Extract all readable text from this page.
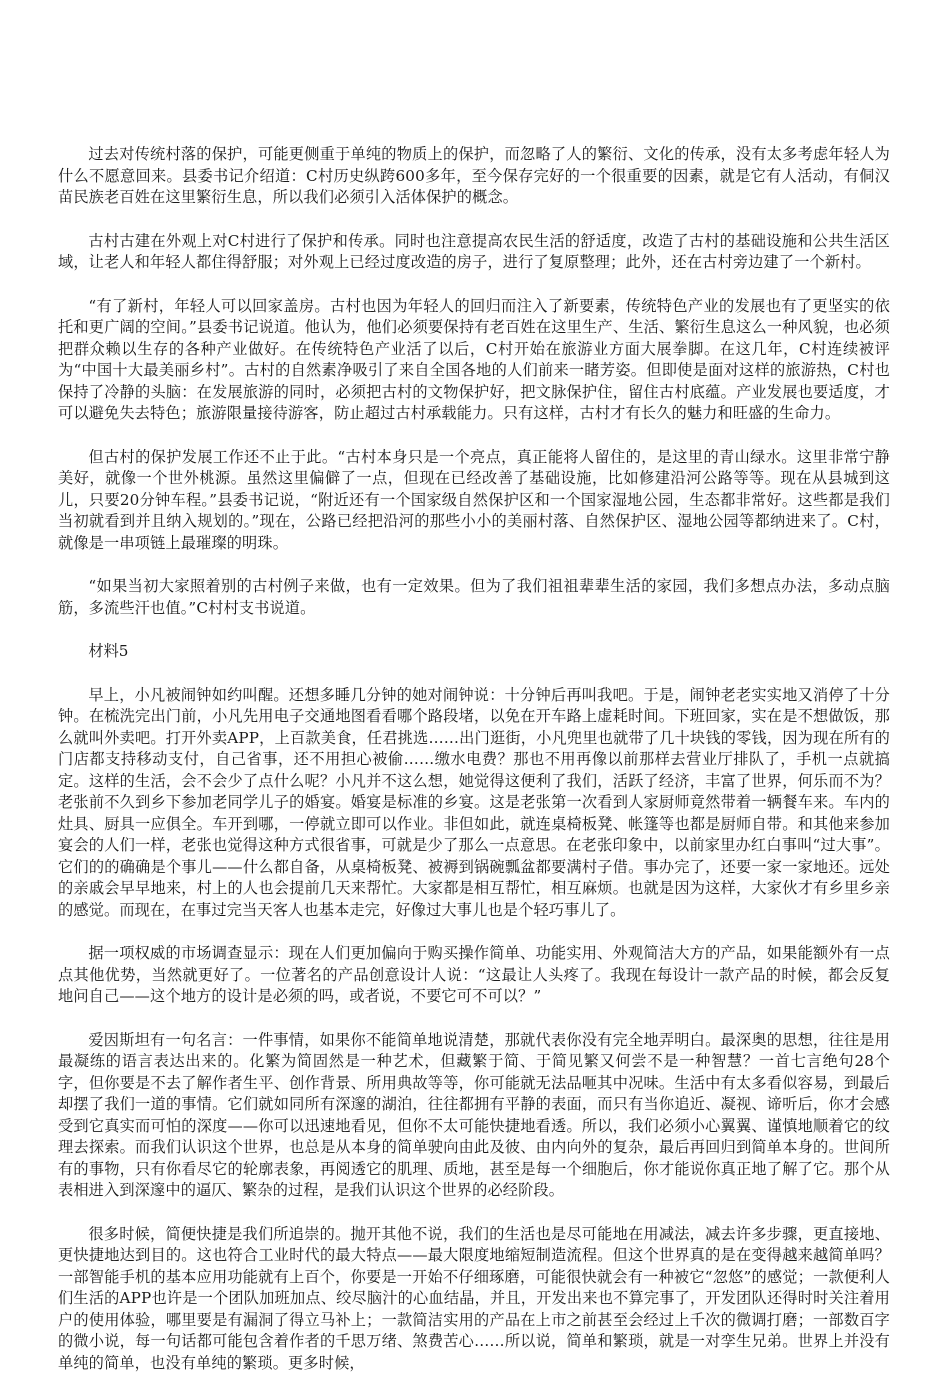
过去对传统村落的保护，可能更侧重于单纯的物质上的保护，而忽略了人的繁衍、文化的传承，没有太多考虑年轻人为什么不愿意回来。县委书记介绍道：C村历史纵跨600多年，至今保存完好的一个很重要的因素，就是它有人活动，有侗汉苗民族老百姓在这里繁衍生息，所以我们必须引入活体保护的概念。

古村古建在外观上对C村进行了保护和传承。同时也注意提高农民生活的舒适度，改造了古村的基础设施和公共生活区域，让老人和年轻人都住得舒服；对外观上已经过度改造的房子，进行了复原整理；此外，还在古村旁边建了一个新村。

“有了新村，年轻人可以回家盖房。古村也因为年轻人的回归而注入了新要素，传统特色产业的发展也有了更坚实的依托和更广阔的空间。”县委书记说道。他认为，他们必须要保持有老百姓在这里生产、生活、繁衍生息这么一种风貌，也必须把群众赖以生存的各种产业做好。在传统特色产业活了以后，C村开始在旅游业方面大展拳脚。在这几年，C村连续被评为“中国十大最美丽乡村”。古村的自然素净吸引了来自全国各地的人们前来一睹芳姿。但即使是面对这样的旅游热，C村也保持了冷静的头脑：在发展旅游的同时，必须把古村的文物保护好，把文脉保护住，留住古村底蕴。产业发展也要适度，才可以避免失去特色；旅游限量接待游客，防止超过古村承载能力。只有这样，古村才有长久的魅力和旺盛的生命力。

但古村的保护发展工作还不止于此。“古村本身只是一个亮点，真正能将人留住的，是这里的青山绿水。这里非常宁静美好，就像一个世外桃源。虽然这里偏僻了一点，但现在已经改善了基础设施，比如修建沿河公路等等。现在从县城到这儿，只要20分钟车程。”县委书记说，“附近还有一个国家级自然保护区和一个国家湿地公园，生态都非常好。这些都是我们当初就看到并且纳入规划的。”现在，公路已经把沿河的那些小小的美丽村落、自然保护区、湿地公园等都纳进来了。C村，就像是一串项链上最璀璨的明珠。

“如果当初大家照着别的古村例子来做，也有一定效果。但为了我们祖祖辈辈生活的家园，我们多想点办法，多动点脑筋，多流些汗也值。”C村村支书说道。

材料5

早上，小凡被闹钟如约叫醒。还想多睡几分钟的她对闹钟说：十分钟后再叫我吧。于是，闹钟老老实实地又消停了十分钟。在梳洗完出门前，小凡先用电子交通地图看看哪个路段堵，以免在开车路上虚耗时间。下班回家，实在是不想做饭，那么就叫外卖吧。打开外卖APP，上百款美食，任君挑选……出门逛街，小凡兜里也就带了几十块钱的零钱，因为现在所有的门店都支持移动支付，自己省事，还不用担心被偷……缴水电费？那也不用再像以前那样去营业厅排队了，手机一点就搞定。这样的生活，会不会少了点什么呢？小凡并不这么想，她觉得这便利了我们，活跃了经济，丰富了世界，何乐而不为？　　老张前不久到乡下参加老同学儿子的婚宴。婚宴是标准的乡宴。这是老张第一次看到人家厨师竟然带着一辆餐车来。车内的灶具、厨具一应俱全。车开到哪，一停就立即可以作业。非但如此，就连桌椅板凳、帐篷等也都是厨师自带。和其他来参加宴会的人们一样，老张也觉得这种方式很省事，可就是少了那么一点意思。在老张印象中，以前家里办红白事叫“过大事”。它们的的确确是个事儿——什么都自备，从桌椅板凳、被褥到锅碗瓢盆都要满村子借。事办完了，还要一家一家地还。远处的亲戚会早早地来，村上的人也会提前几天来帮忙。大家都是相互帮忙，相互麻烦。也就是因为这样，大家伙才有乡里乡亲的感觉。而现在，在事过完当天客人也基本走完，好像过大事儿也是个轻巧事儿了。

据一项权威的市场调查显示：现在人们更加偏向于购买操作简单、功能实用、外观简洁大方的产品，如果能额外有一点点其他优势，当然就更好了。一位著名的产品创意设计人说：“这最让人头疼了。我现在每设计一款产品的时候，都会反复地问自己——这个地方的设计是必须的吗，或者说，不要它可不可以？”

爱因斯坦有一句名言：一件事情，如果你不能简单地说清楚，那就代表你没有完全地弄明白。最深奥的思想，往往是用最凝练的语言表达出来的。化繁为简固然是一种艺术，但藏繁于简、于简见繁又何尝不是一种智慧？一首七言绝句28个字，但你要是不去了解作者生平、创作背景、所用典故等等，你可能就无法品咂其中况味。生活中有太多看似容易，到最后却摆了我们一道的事情。它们就如同所有深邃的湖泊，往往都拥有平静的表面，而只有当你追近、凝视、谛听后，你才会感受到它真实而可怕的深度——你可以迅速地看见，但你不太可能快捷地看透。所以，我们必须小心翼翼、谨慎地顺着它的纹理去探索。而我们认识这个世界，也总是从本身的简单驶向由此及彼、由内向外的复杂，最后再回归到简单本身的。世间所有的事物，只有你看尽它的轮廓表象，再阅透它的肌理、质地，甚至是每一个细胞后，你才能说你真正地了解了它。那个从表相进入到深邃中的逼仄、繁杂的过程，是我们认识这个世界的必经阶段。

很多时候，简便快捷是我们所追崇的。抛开其他不说，我们的生活也是尽可能地在用减法，减去许多步骤，更直接地、更快捷地达到目的。这也符合工业时代的最大特点——最大限度地缩短制造流程。但这个世界真的是在变得越来越简单吗？一部智能手机的基本应用功能就有上百个，你要是一开始不仔细琢磨，可能很快就会有一种被它“忽悠”的感觉；一款便利人们生活的APP也许是一个团队加班加点、绞尽脑汁的心血结晶，并且，开发出来也不算完事了，开发团队还得时时关注着用户的使用体验，哪里要是有漏洞了得立马补上；一款简洁实用的产品在上市之前甚至会经过上千次的微调打磨；一部数百字的微小说，每一句话都可能包含着作者的千思万绪、煞费苦心……所以说，简单和繁琐，就是一对孪生兄弟。世界上并没有单纯的简单，也没有单纯的繁琐。更多时候，
